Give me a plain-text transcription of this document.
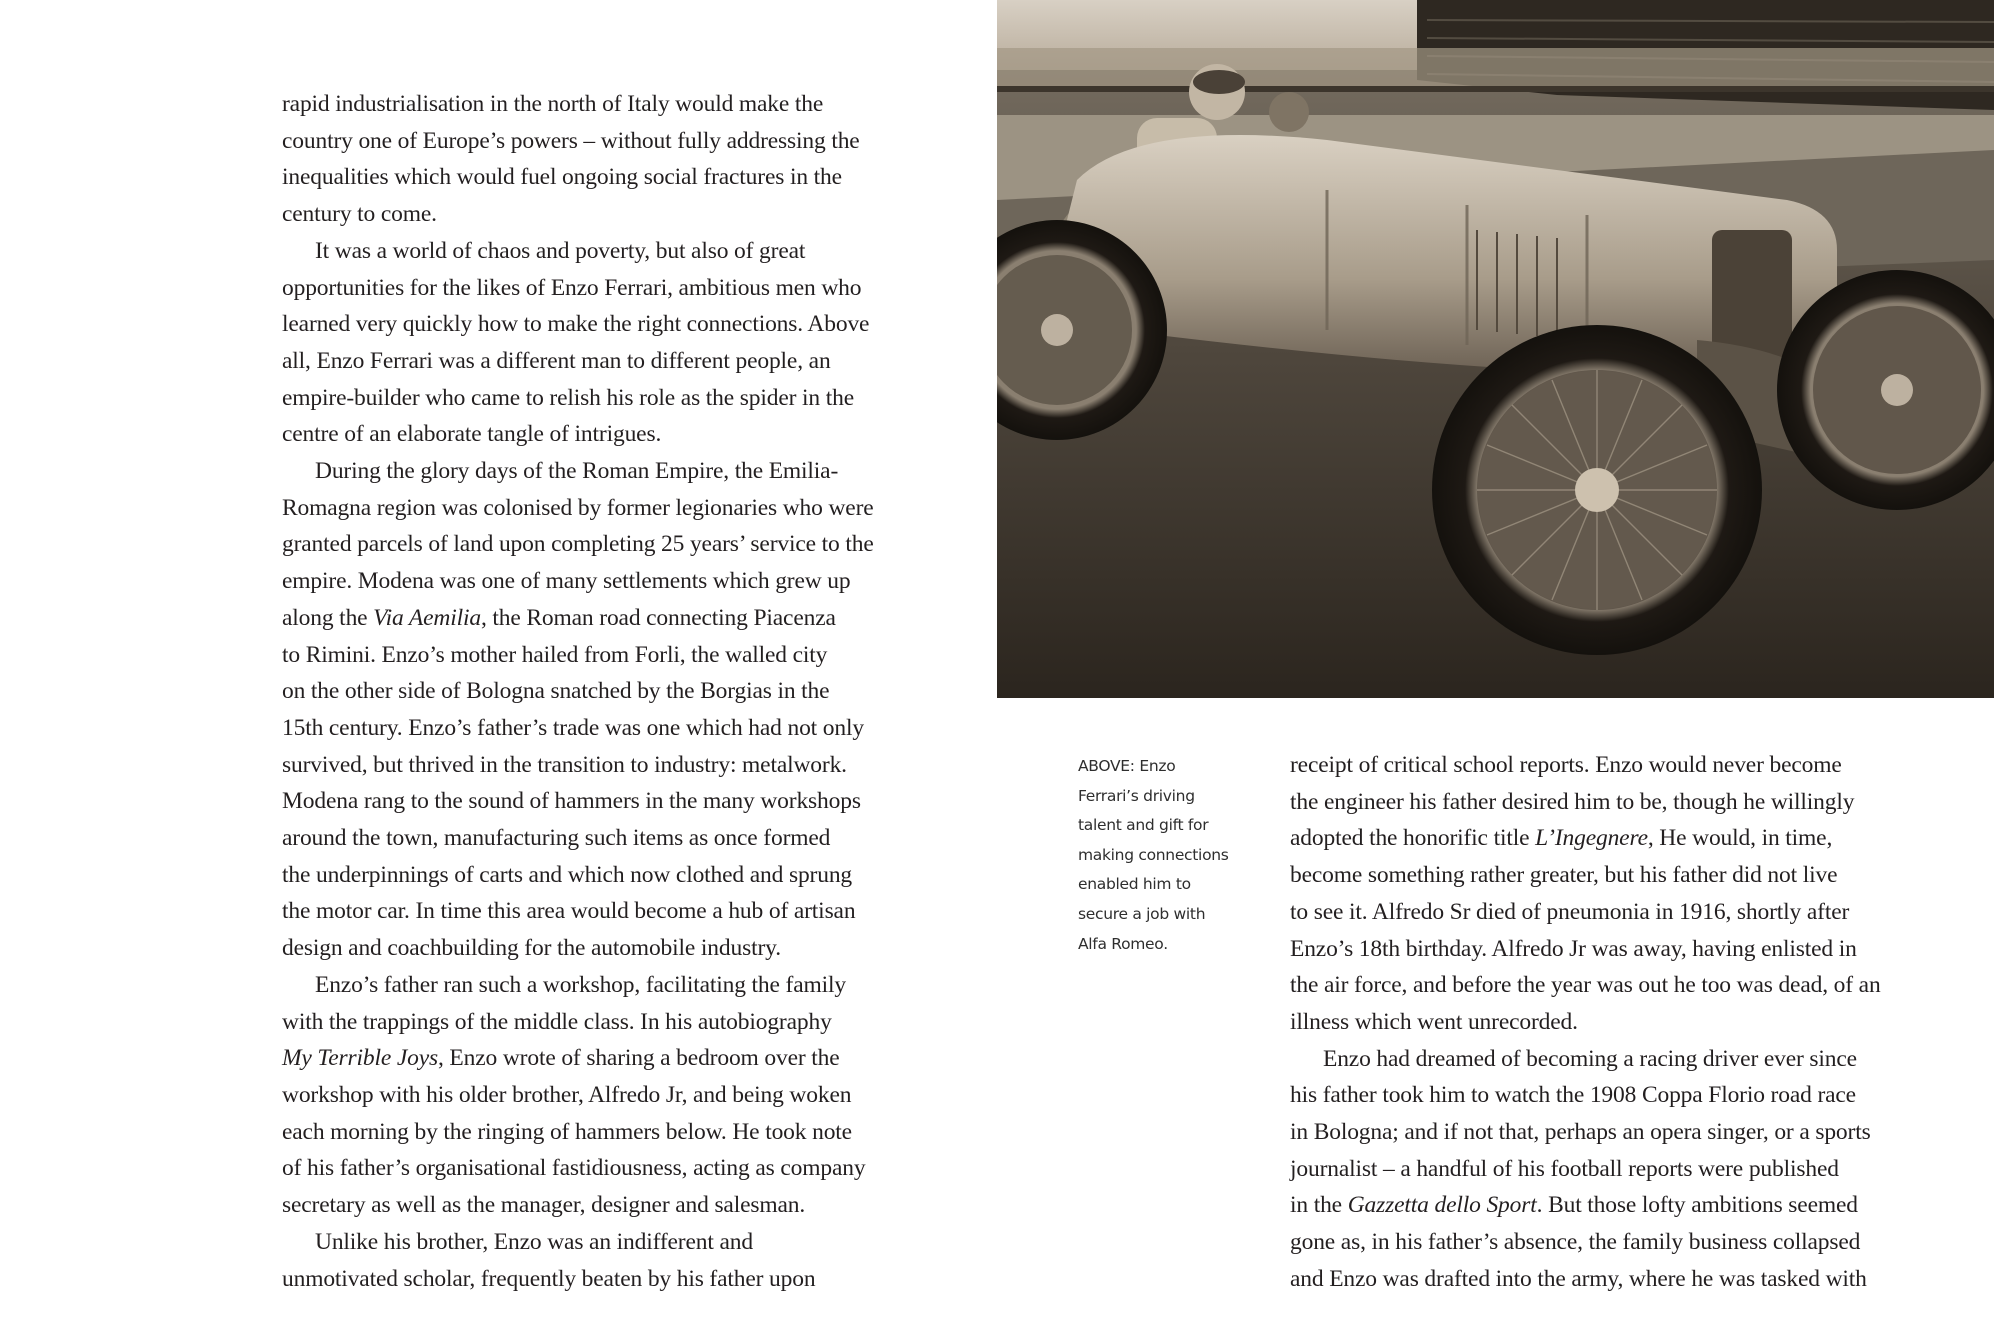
rapid industrialisation in the north of Italy would make the
country one of Europe’s powers – without fully addressing the
inequalities which would fuel ongoing social fractures in the
century to come.

It was a world of chaos and poverty, but also of great
opportunities for the likes of Enzo Ferrari, ambitious men who
learned very quickly how to make the right connections. Above
all, Enzo Ferrari was a different man to different people, an
empire-builder who came to relish his role as the spider in the
centre of an elaborate tangle of intrigues.

During the glory days of the Roman Empire, the Emilia-
Romagna region was colonised by former legionaries who were
granted parcels of land upon completing 25 years’ service to the
empire. Modena was one of many settlements which grew up
along the Via Aemilia, the Roman road connecting Piacenza
to Rimini. Enzo’s mother hailed from Forli, the walled city
on the other side of Bologna snatched by the Borgias in the
15th century. Enzo’s father’s trade was one which had not only
survived, but thrived in the transition to industry: metalwork.
Modena rang to the sound of hammers in the many workshops
around the town, manufacturing such items as once formed
the underpinnings of carts and which now clothed and sprung
the motor car. In time this area would become a hub of artisan
design and coachbuilding for the automobile industry.

Enzo’s father ran such a workshop, facilitating the family
with the trappings of the middle class. In his autobiography
My Terrible Joys, Enzo wrote of sharing a bedroom over the
workshop with his older brother, Alfredo Jr, and being woken
each morning by the ringing of hammers below. He took note
of his father’s organisational fastidiousness, acting as company
secretary as well as the manager, designer and salesman.

Unlike his brother, Enzo was an indifferent and
unmotivated scholar, frequently beaten by his father upon

ABOVE: Enzo
Ferrari’s driving
talent and gift for
making connections
enabled him to
secure a job with
Alfa Romeo.

receipt of critical school reports. Enzo would never become
the engineer his father desired him to be, though he willingly
adopted the honorific title L’Ingegnere, He would, in time,
become something rather greater, but his father did not live
to see it. Alfredo Sr died of pneumonia in 1916, shortly after
Enzo’s 18th birthday. Alfredo Jr was away, having enlisted in
the air force, and before the year was out he too was dead, of an
illness which went unrecorded.

Enzo had dreamed of becoming a racing driver ever since
his father took him to watch the 1908 Coppa Florio road race
in Bologna; and if not that, perhaps an opera singer, or a sports
journalist – a handful of his football reports were published
in the Gazzetta dello Sport. But those lofty ambitions seemed
gone as, in his father’s absence, the family business collapsed
and Enzo was drafted into the army, where he was tasked with
